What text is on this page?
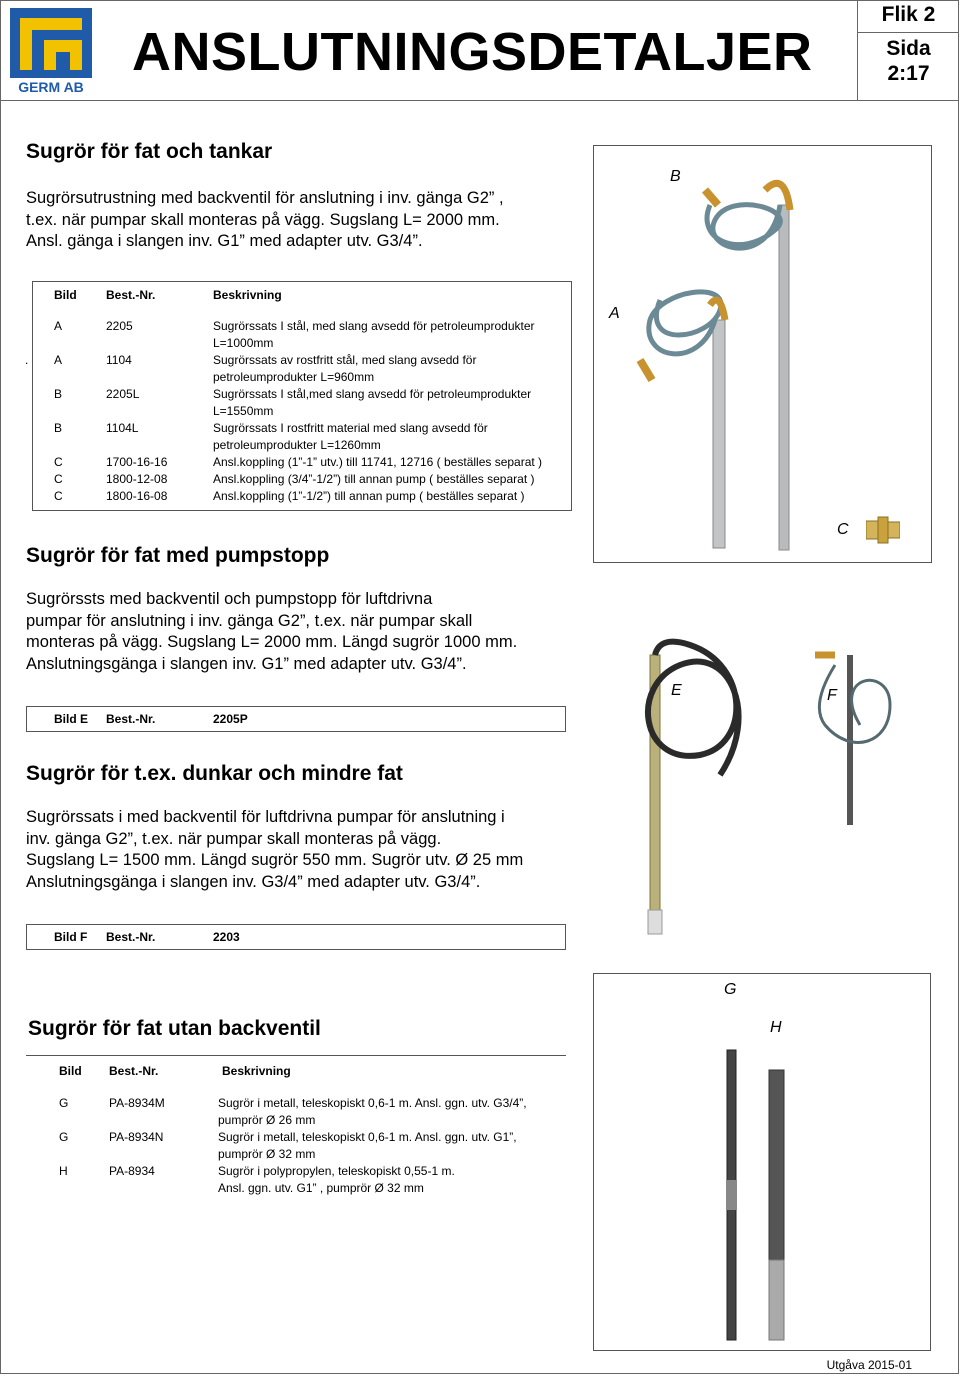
GERM AB
ANSLUTNINGSDETALJER
Flik 2
Sida
2:17
Sugrör för fat och tankar
Sugrörsutrustning med backventil för anslutning i inv. gänga G2” ,
t.ex. när pumpar skall monteras på vägg. Sugslang L= 2000 mm.
Ansl. gänga i slangen inv. G1” med adapter utv. G3/4”.
Bild Best.-Nr.	Beskrivning
.
A	2205	Sugrörssats I stål, med slang avsedd för petroleumprodukter
L=1000mm
A	1104	Sugrörssats av rostfritt stål, med slang avsedd för
petroleumprodukter L=960mm
B	2205L	Sugrörssats I stål,med slang avsedd för petroleumprodukter
L=1550mm
B	1104L	Sugrörssats I rostfritt material med slang avsedd för
petroleumprodukter L=1260mm
C	1700-16-16	Ansl.koppling (1”-1” utv.) till 11741, 12716 ( beställes separat )
C	1800-12-08	Ansl.koppling (3/4”-1/2”) till annan pump ( beställes separat )
C	1800-16-08	Ansl.koppling (1”-1/2”) till annan pump ( beställes separat )
B
A
C
Sugrör för fat med pumpstopp
Sugrörssts med backventil och pumpstopp för luftdrivna
pumpar för anslutning i inv. gänga G2”, t.ex. när pumpar skall
monteras på vägg. Sugslang L= 2000 mm. Längd sugrör 1000 mm.
Anslutningsgänga i slangen inv. G1” med adapter utv. G3/4”.
Bild E Best.-Nr.	2205P
E	F
Sugrör för t.ex. dunkar och mindre fat
Sugrörssats i med backventil för luftdrivna pumpar för anslutning i
inv. gänga G2”, t.ex. när pumpar skall monteras på vägg.
Sugslang L= 1500 mm. Längd sugrör 550 mm. Sugrör utv. Ø 25 mm
Anslutningsgänga i slangen inv. G3/4” med adapter utv. G3/4”.
Bild F Best.-Nr.	2203
G
H
Sugrör för fat utan backventil
Bild Best.-Nr.	Beskrivning
G	PA-8934M	Sugrör i metall, teleskopiskt 0,6-1 m. Ansl. ggn. utv. G3/4”,
pumprör Ø 26 mm
G	PA-8934N	Sugrör i metall, teleskopiskt 0,6-1 m. Ansl. ggn. utv. G1”,
pumprör Ø 32 mm
H	PA-8934	Sugrör i polypropylen, teleskopiskt 0,55-1 m.
Ansl. ggn. utv. G1” , pumprör Ø 32 mm
Utgåva 2015-01
